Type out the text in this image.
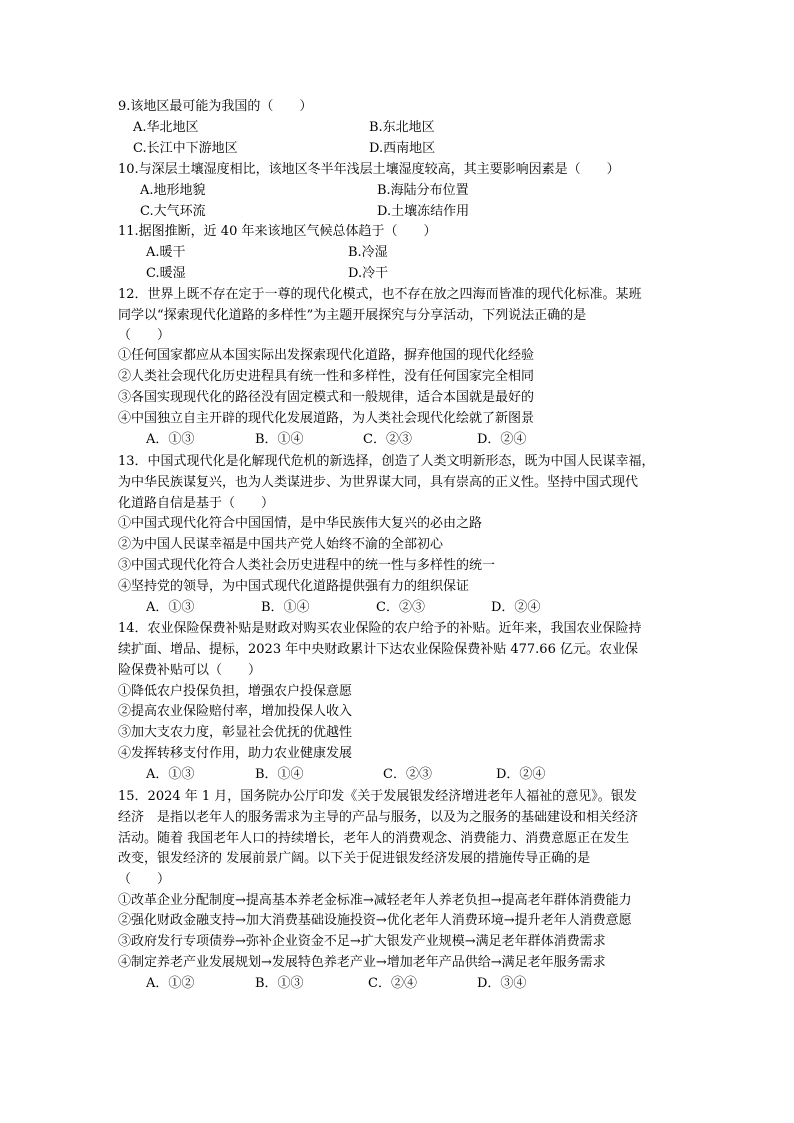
9.该地区最可能为我国的（　　）
A.华北地区	B.东北地区
C.长江中下游地区	D.西南地区
10.与深层土壤湿度相比，该地区冬半年浅层土壤湿度较高，其主要影响因素是（　　）
A.地形地貌	B.海陆分布位置
C.大气环流	D.土壤冻结作用
11.据图推断，近 40 年来该地区气候总体趋于（　　）
A.暖干	B.冷湿
C.暖湿	D.冷干
12．世界上既不存在定于一尊的现代化模式，也不存在放之四海而皆准的现代化标准。某班
同学以“探索现代化道路的多样性”为主题开展探究与分享活动，下列说法正确的是
（　　）
①任何国家都应从本国实际出发探索现代化道路，摒弃他国的现代化经验
②人类社会现代化历史进程具有统一性和多样性，没有任何国家完全相同
③各国实现现代化的路径没有固定模式和一般规律，适合本国就是最好的
④中国独立自主开辟的现代化发展道路，为人类社会现代化绘就了新图景
A．①③	B．①④	C．②③	D．②④
13．中国式现代化是化解现代危机的新选择，创造了人类文明新形态，既为中国人民谋幸福，
为中华民族谋复兴，也为人类谋进步、为世界谋大同，具有崇高的正义性。坚持中国式现代
化道路自信是基于（　　）
①中国式现代化符合中国国情，是中华民族伟大复兴的必由之路
②为中国人民谋幸福是中国共产党人始终不渝的全部初心
③中国式现代化符合人类社会历史进程中的统一性与多样性的统一
④坚持党的领导，为中国式现代化道路提供强有力的组织保证
A．①③	B．①④	C．②③	D．②④
14．农业保险保费补贴是财政对购买农业保险的农户给予的补贴。近年来，我国农业保险持
续扩面、增品、提标，2023 年中央财政累计下达农业保险保费补贴 477.66 亿元。农业保
险保费补贴可以（　　）
①降低农户投保负担，增强农户投保意愿
②提高农业保险赔付率，增加投保人收入
③加大支农力度，彰显社会优抚的优越性
④发挥转移支付作用，助力农业健康发展
A．①③	B．①④	C．②③	D．②④
15．2024 年 1 月，国务院办公厅印发《关于发展银发经济增进老年人福祉的意见》。银发
经济　是指以老年人的服务需求为主导的产品与服务，以及为之服务的基础建设和相关经济
活动。随着 我国老年人口的持续增长，老年人的消费观念、消费能力、消费意愿正在发生
改变，银发经济的 发展前景广阔。以下关于促进银发经济发展的措施传导正确的是
（　　）
①改革企业分配制度→提高基本养老金标准→减轻老年人养老负担→提高老年群体消费能力
②强化财政金融支持→加大消费基础设施投资→优化老年人消费环境→提升老年人消费意愿
③政府发行专项债券→弥补企业资金不足→扩大银发产业规模→满足老年群体消费需求
④制定养老产业发展规划→发展特色养老产业→增加老年产品供给→满足老年服务需求
A．①②	B．①③	C．②④	D．③④
